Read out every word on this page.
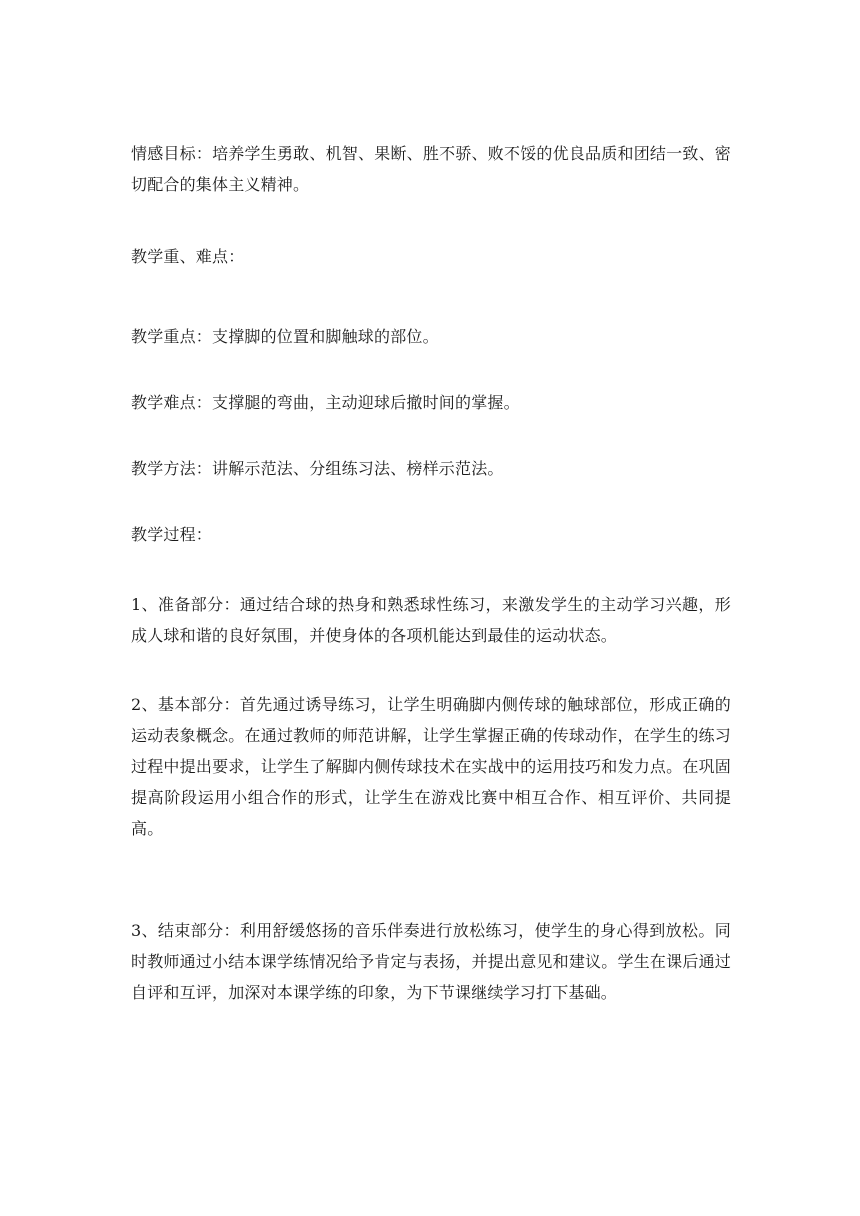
情感目标：培养学生勇敢、机智、果断、胜不骄、败不馁的优良品质和团结一致、密切配合的集体主义精神。

教学重、难点：

教学重点：支撑脚的位置和脚触球的部位。

教学难点：支撑腿的弯曲，主动迎球后撤时间的掌握。

教学方法：讲解示范法、分组练习法、榜样示范法。

教学过程：

1、准备部分：通过结合球的热身和熟悉球性练习，来激发学生的主动学习兴趣，形成人球和谐的良好氛围，并使身体的各项机能达到最佳的运动状态。

2、基本部分：首先通过诱导练习，让学生明确脚内侧传球的触球部位，形成正确的运动表象概念。在通过教师的师范讲解，让学生掌握正确的传球动作，在学生的练习过程中提出要求，让学生了解脚内侧传球技术在实战中的运用技巧和发力点。在巩固提高阶段运用小组合作的形式，让学生在游戏比赛中相互合作、相互评价、共同提高。

3、结束部分：利用舒缓悠扬的音乐伴奏进行放松练习，使学生的身心得到放松。同时教师通过小结本课学练情况给予肯定与表扬，并提出意见和建议。学生在课后通过自评和互评，加深对本课学练的印象，为下节课继续学习打下基础。
